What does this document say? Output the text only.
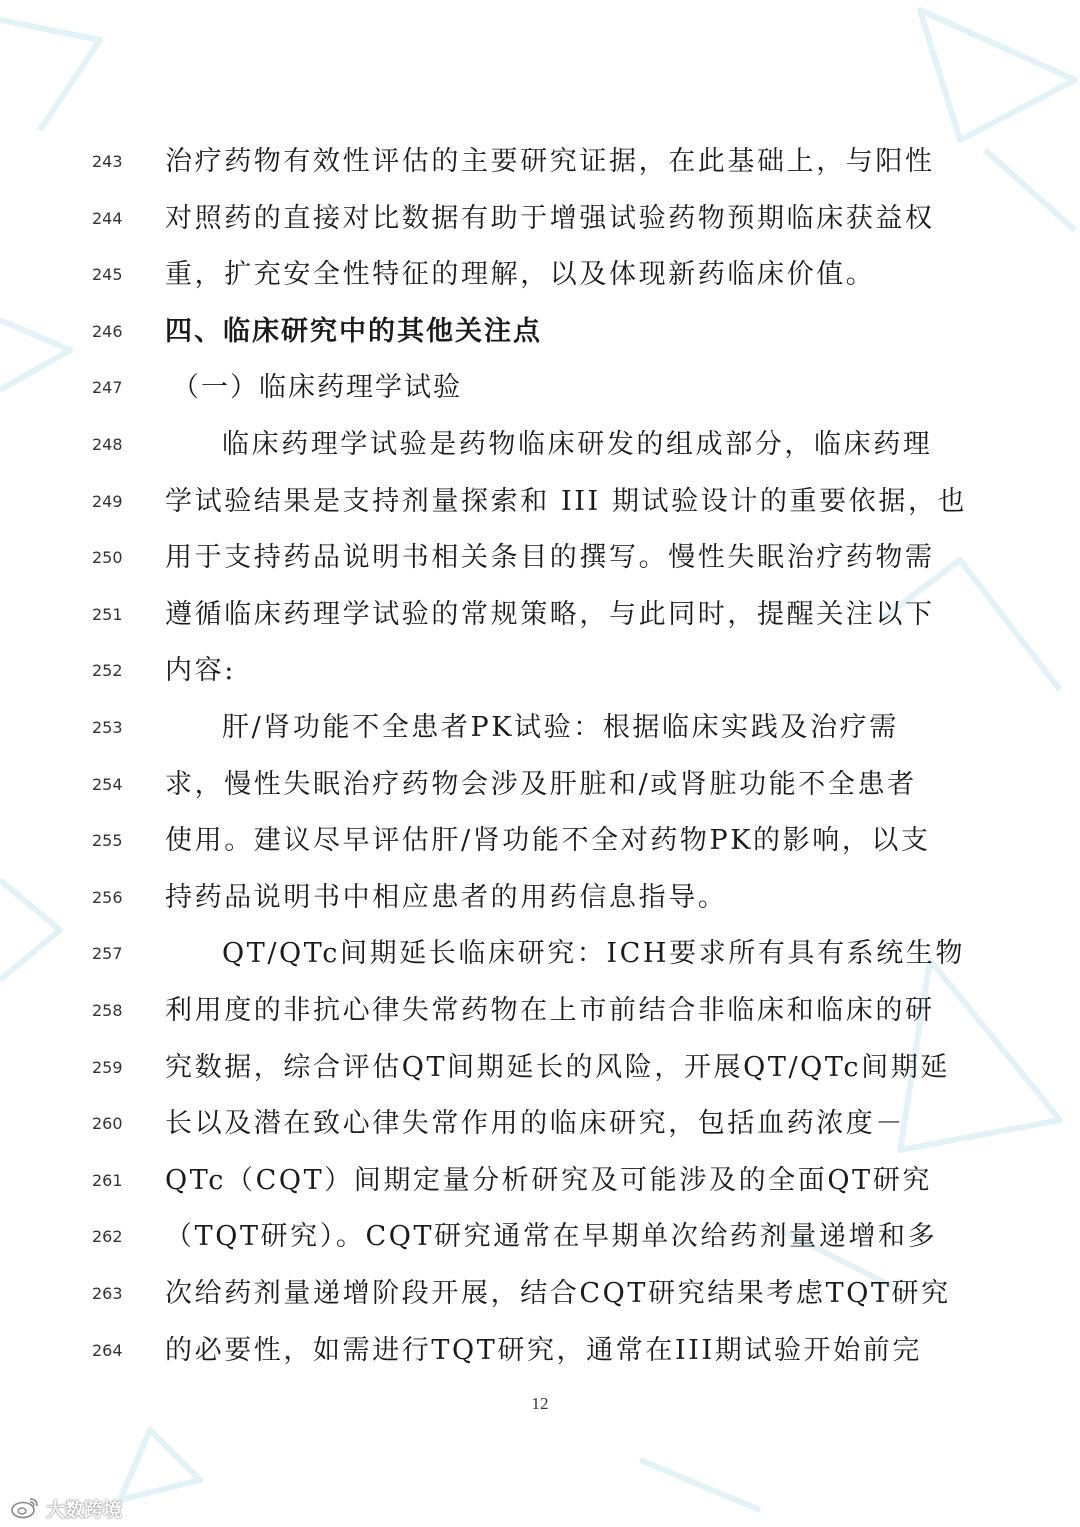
243	治疗药物有效性评估的主要研究证据，在此基础上，与阳性
244	对照药的直接对比数据有助于增强试验药物预期临床获益权
245	重，扩充安全性特征的理解，以及体现新药临床价值。
246	四、临床研究中的其他关注点
247	（一）临床药理学试验
248	临床药理学试验是药物临床研发的组成部分，临床药理
249	学试验结果是支持剂量探索和 III 期试验设计的重要依据，也
250	用于支持药品说明书相关条目的撰写。慢性失眠治疗药物需
251	遵循临床药理学试验的常规策略，与此同时，提醒关注以下
252	内容:
253	肝/肾功能不全患者PK试验：根据临床实践及治疗需
254	求，慢性失眠治疗药物会涉及肝脏和/或肾脏功能不全患者
255	使用。建议尽早评估肝/肾功能不全对药物PK的影响，以支
256	持药品说明书中相应患者的用药信息指导。
257	QT/QTc间期延长临床研究：ICH要求所有具有系统生物
258	利用度的非抗心律失常药物在上市前结合非临床和临床的研
259	究数据，综合评估QT间期延长的风险，开展QT/QTc间期延
260	长以及潜在致心律失常作用的临床研究，包括血药浓度－
261	QTc（CQT）间期定量分析研究及可能涉及的全面QT研究
262	（TQT研究）。CQT研究通常在早期单次给药剂量递增和多
263	次给药剂量递增阶段开展，结合CQT研究结果考虑TQT研究
264	的必要性，如需进行TQT研究，通常在III期试验开始前完
12
大数跨境
